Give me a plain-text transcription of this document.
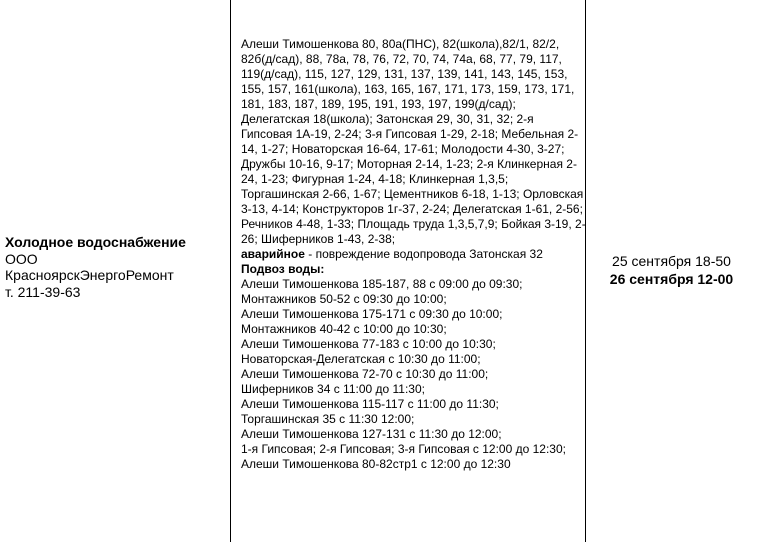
Холодное водоснабжение
ООО
КрасноярскЭнергоРемонт
т. 211-39-63
Алеши Тимошенкова 80, 80а(ПНС), 82(школа),82/1, 82/2, 82б(д/сад), 88, 78а, 78, 76, 72, 70, 74, 74а, 68, 77, 79, 117, 119(д/сад), 115, 127, 129, 131, 137, 139, 141, 143, 145, 153, 155, 157, 161(школа), 163, 165, 167, 171, 173, 159, 173, 171, 181, 183, 187, 189, 195, 191, 193, 197, 199(д/сад); Делегатская 18(школа); Затонская 29, 30, 31, 32; 2-я Гипсовая 1А-19, 2-24; 3-я Гипсовая 1-29, 2-18; Мебельная 2-14, 1-27; Новаторская 16-64, 17-61; Молодости 4-30, 3-27; Дружбы 10-16, 9-17; Моторная 2-14, 1-23; 2-я Клинкерная 2-24, 1-23; Фигурная 1-24, 4-18; Клинкерная 1,3,5; Торгашинская 2-66, 1-67; Цементников 6-18, 1-13; Орловская 3-13, 4-14; Конструкторов 1г-37, 2-24; Делегатская 1-61, 2-56; Речников 4-48, 1-33; Площадь труда 1,3,5,7,9; Бойкая 3-19, 2-26; Шиферников 1-43, 2-38;
аварийное - повреждение водопровода Затонская 32
Подвоз воды:
Алеши Тимошенкова 185-187, 88 с 09:00 до 09:30;
Монтажников 50-52 с 09:30 до 10:00;
Алеши Тимошенкова 175-171 с 09:30 до 10:00;
Монтажников 40-42 с 10:00 до 10:30;
Алеши Тимошенкова 77-183 с 10:00 до 10:30;
Новаторская-Делегатская с 10:30 до 11:00;
Алеши Тимошенкова 72-70 с 10:30 до 11:00;
Шиферников 34 с 11:00 до 11:30;
Алеши Тимошенкова 115-117 с 11:00 до 11:30;
Торгашинская 35 с 11:30 12:00;
Алеши Тимошенкова 127-131 с 11:30 до 12:00;
1-я Гипсовая; 2-я Гипсовая; 3-я Гипсовая с 12:00 до 12:30;
Алеши Тимошенкова 80-82стр1 с 12:00 до 12:30
25 сентября 18-50
26 сентября 12-00
